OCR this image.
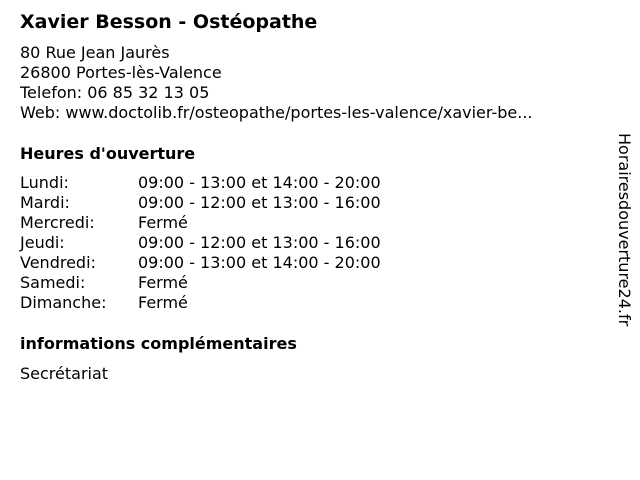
Xavier Besson - Ostéopathe
80 Rue Jean Jaurès
26800 Portes-lès-Valence
Telefon: 06 85 32 13 05
Web: www.doctolib.fr/osteopathe/portes-les-valence/xavier-be...
Heures d'ouverture
Lundi:	09:00 - 13:00 et 14:00 - 20:00
Mardi:	09:00 - 12:00 et 13:00 - 16:00
Mercredi:	Fermé
Jeudi:	09:00 - 12:00 et 13:00 - 16:00
Vendredi:	09:00 - 13:00 et 14:00 - 20:00
Samedi:	Fermé
Dimanche: Fermé
informations complémentaires
Secrétariat
Horairesdouverture24.fr
